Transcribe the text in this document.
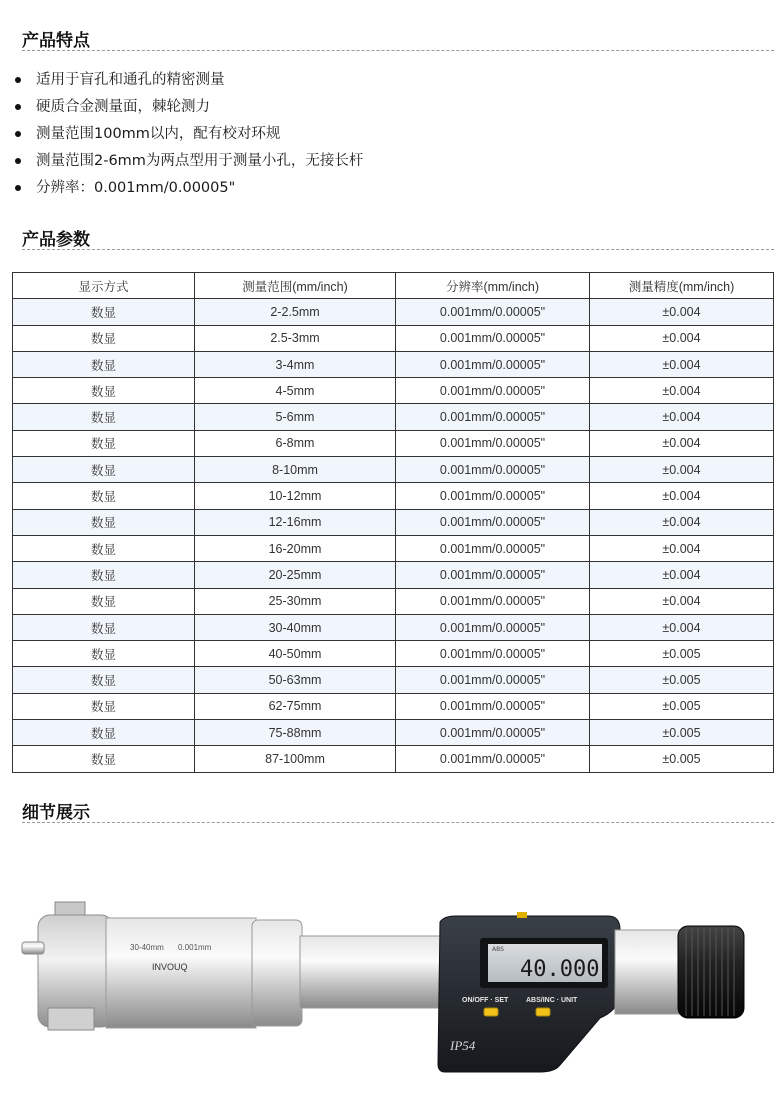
产品特点
适用于盲孔和通孔的精密测量
硬质合金测量面，棘轮测力
测量范围100mm以内，配有校对环规
测量范围2-6mm为两点型用于测量小孔，无接长杆
分辨率：0.001mm/0.00005"
产品参数
显示方式	测量范围(mm/inch)	分辨率(mm/inch)	测量精度(mm/inch)
数显	2-2.5mm	0.001mm/0.00005"	±0.004
数显	2.5-3mm	0.001mm/0.00005"	±0.004
数显	3-4mm	0.001mm/0.00005"	±0.004
数显	4-5mm	0.001mm/0.00005"	±0.004
数显	5-6mm	0.001mm/0.00005"	±0.004
数显	6-8mm	0.001mm/0.00005"	±0.004
数显	8-10mm	0.001mm/0.00005"	±0.004
数显	10-12mm	0.001mm/0.00005"	±0.004
数显	12-16mm	0.001mm/0.00005"	±0.004
数显	16-20mm	0.001mm/0.00005"	±0.004
数显	20-25mm	0.001mm/0.00005"	±0.004
数显	25-30mm	0.001mm/0.00005"	±0.004
数显	30-40mm	0.001mm/0.00005"	±0.004
数显	40-50mm	0.001mm/0.00005"	±0.005
数显	50-63mm	0.001mm/0.00005"	±0.005
数显	62-75mm	0.001mm/0.00005"	±0.005
数显	75-88mm	0.001mm/0.00005"	±0.005
数显	87-100mm	0.001mm/0.00005"	±0.005
细节展示
30-40mm 0.001mm
INVOUQ
ABS
40.000
ON/OFF · SET	ABS/INC · UNIT
IP54
